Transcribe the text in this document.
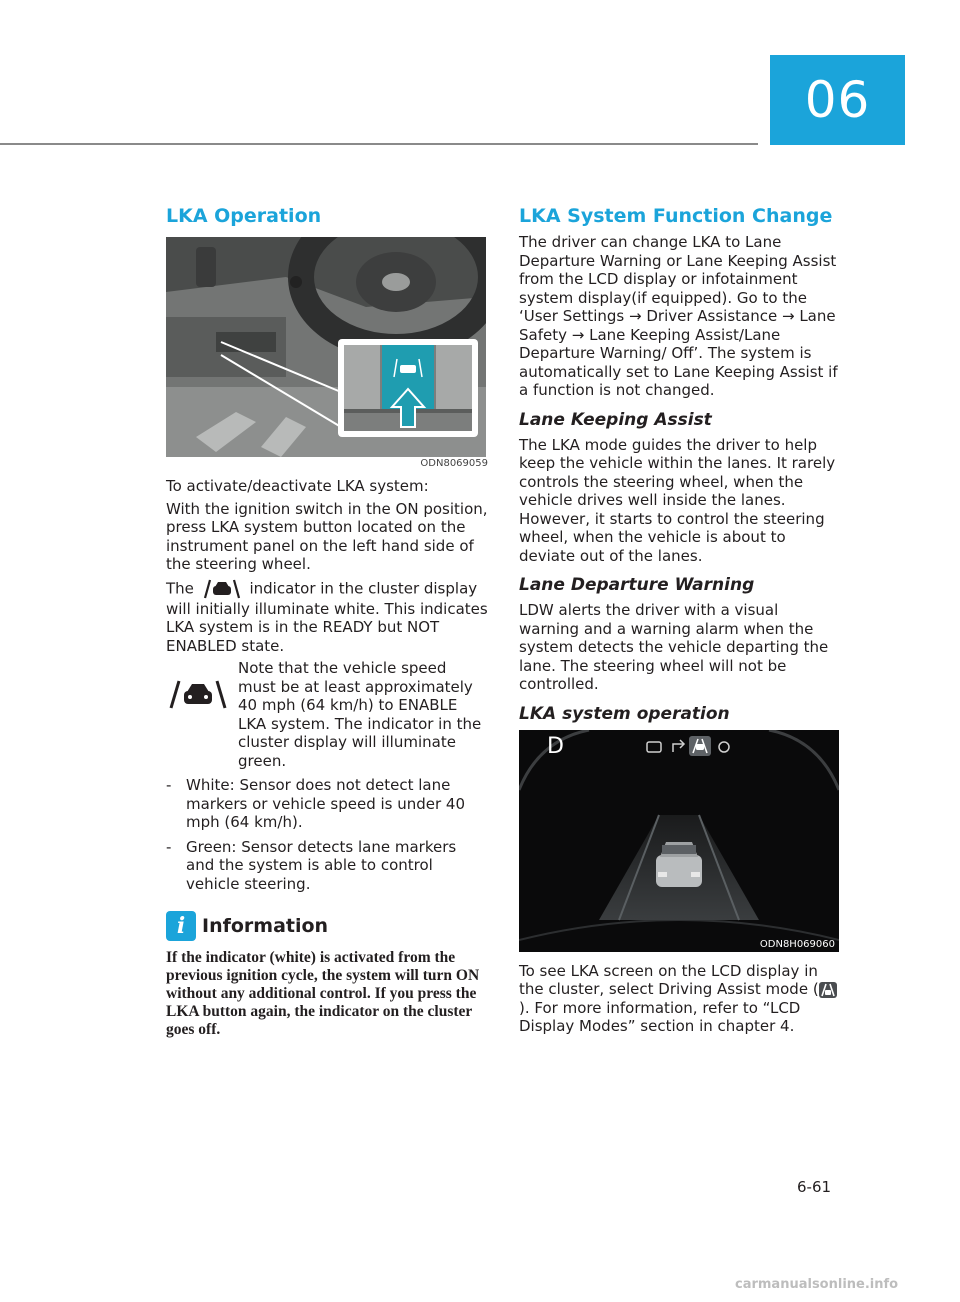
06
LKA Operation
ODN8069059

To activate/deactivate LKA system:

With the ignition switch in the ON position, press LKA system button located on the instrument panel on the left hand side of the steering wheel.

The	indicator in the cluster display will initially illuminate white. This indicates LKA system is in the READY but NOT ENABLED state.

Note that the vehicle speed must be at least approximately 40 mph (64 km/h) to ENABLE LKA system. The indicator in the cluster display will illuminate green.

- White: Sensor does not detect lane markers or vehicle speed is under 40 mph (64 km/h).
- Green: Sensor detects lane markers and the system is able to control vehicle steering.
i Information
If the indicator (white) is activated from the previous ignition cycle, the system will turn ON without any additional control. If you press the LKA button again, the indicator on the cluster goes off.
LKA System Function Change

The driver can change LKA to Lane Departure Warning or Lane Keeping Assist from the LCD display or infotainment system display(if equipped). Go to the ‘User Settings → Driver Assistance → Lane Safety → Lane Keeping Assist/Lane Departure Warning/ Off’. The system is automatically set to Lane Keeping Assist if a function is not changed.

Lane Keeping Assist

The LKA mode guides the driver to help keep the vehicle within the lanes. It rarely controls the steering wheel, when the vehicle drives well inside the lanes. However, it starts to control the steering wheel, when the vehicle is about to deviate out of the lanes.

Lane Departure Warning

LDW alerts the driver with a visual warning and a warning alarm when the system detects the vehicle departing the lane. The steering wheel will not be controlled.

LKA system operation
D
ODN8H069060

To see LKA screen on the LCD display in the cluster, select Driving Assist mode (). For more information, refer to “LCD Display Modes” section in chapter 4.

6-61
carmanualsonline.info
